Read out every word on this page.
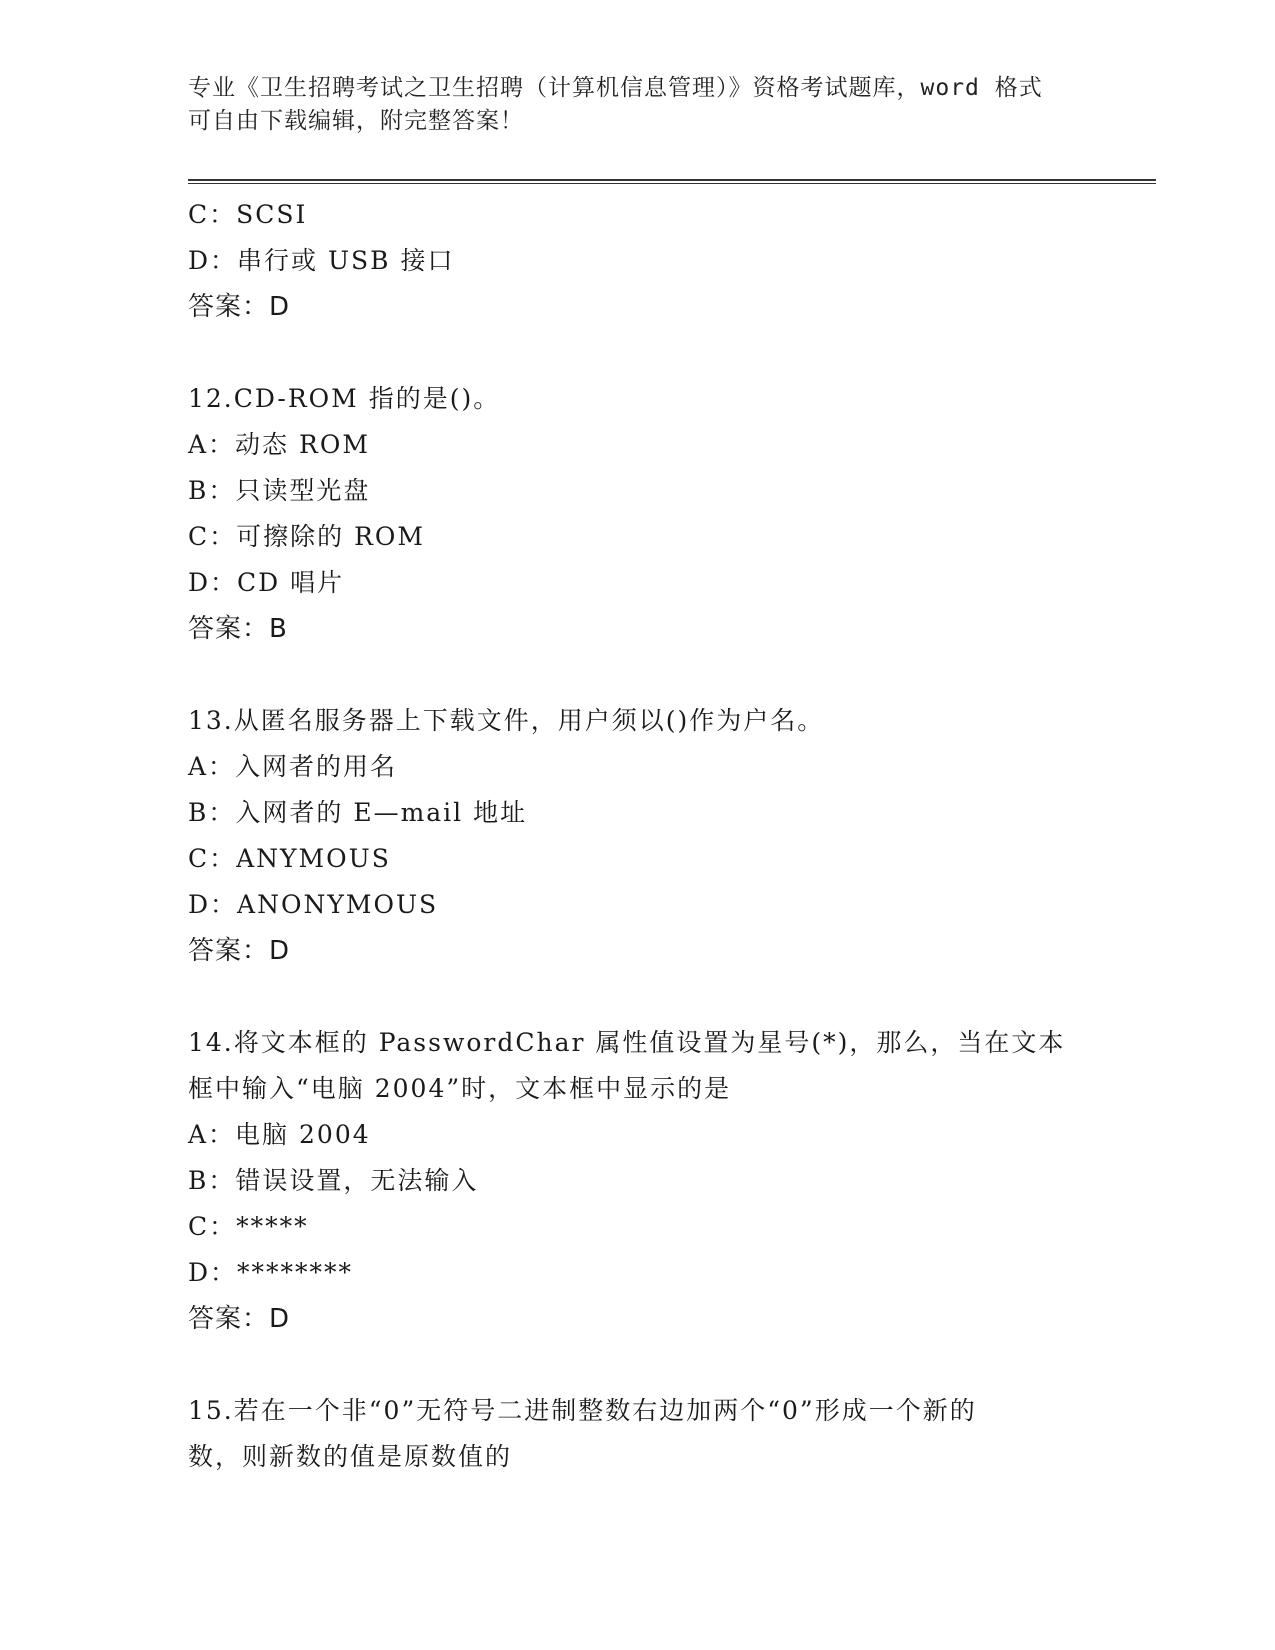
专业《卫生招聘考试之卫生招聘（计算机信息管理）》资格考试题库，word 格式
可自由下载编辑，附完整答案！
C：SCSI
D：串行或 USB 接口
答案：D
12.CD-ROM 指的是()。
A：动态 ROM
B：只读型光盘
C：可擦除的 ROM
D：CD 唱片
答案：B
13.从匿名服务器上下载文件，用户须以()作为户名。
A：入网者的用名
B：入网者的 E—mail 地址
C：ANYMOUS
D：ANONYMOUS
答案：D
14.将文本框的 PasswordChar 属性值设置为星号(*)，那么，当在文本
框中输入“电脑 2004”时，文本框中显示的是
A：电脑 2004
B：错误设置，无法输入
C：*****
D：********
答案：D
15.若在一个非“0”无符号二进制整数右边加两个“0”形成一个新的
数，则新数的值是原数值的
